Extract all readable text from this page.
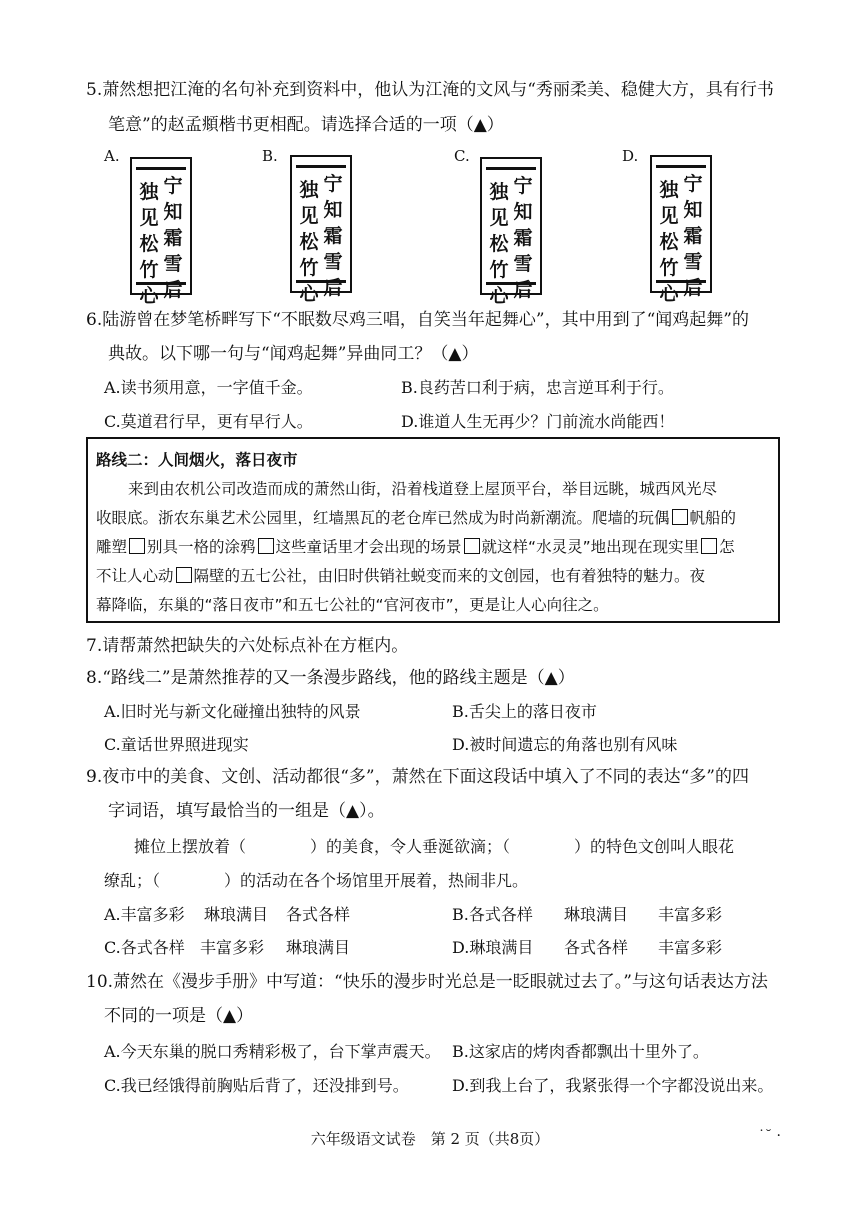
5.萧然想把江淹的名句补充到资料中，他认为江淹的文风与“秀丽柔美、稳健大方，具有行书
笔意”的赵孟頫楷书更相配。请选择合适的一项（▲）
A.
宁知霜雪后
独见松竹心
B.
宁知霜雪后
独见松竹心
C.
宁知霜雪后
独见松竹心
D.
宁知霜雪后
独见松竹心
6.陆游曾在梦笔桥畔写下“不眠数尽鸡三唱，自笑当年起舞心”，其中用到了“闻鸡起舞”的
典故。以下哪一句与“闻鸡起舞”异曲同工？（▲）
A.读书须用意，一字值千金。	B.良药苦口利于病，忠言逆耳利于行。
C.莫道君行早，更有早行人。	D.谁道人生无再少？门前流水尚能西！
路线二：人间烟火，落日夜市
来到由农机公司改造而成的萧然山街，沿着栈道登上屋顶平台，举目远眺，城西风光尽
收眼底。浙农东巢艺术公园里，红墙黑瓦的老仓库已然成为时尚新潮流。爬墙的玩偶 帆船的
雕塑 别具一格的涂鸦 这些童话里才会出现的场景 就这样“水灵灵”地出现在现实里 怎
不让人心动 隔壁的五七公社，由旧时供销社蜕变而来的文创园，也有着独特的魅力。夜
幕降临，东巢的“落日夜市”和五七公社的“官河夜市”，更是让人心向往之。
7.请帮萧然把缺失的六处标点补在方框内。
8.“路线二”是萧然推荐的又一条漫步路线，他的路线主题是（▲）
A.旧时光与新文化碰撞出独特的风景	B.舌尖上的落日夜市
C.童话世界照进现实	D.被时间遗忘的角落也别有风味
9.夜市中的美食、文创、活动都很“多”，萧然在下面这段话中填入了不同的表达“多”的四
字词语，填写最恰当的一组是（▲）。
摊位上摆放着（　　　　）的美食，令人垂涎欲滴；（　　　　）的特色文创叫人眼花
缭乱；（　　　　）的活动在各个场馆里开展着，热闹非凡。
A.丰富多彩 琳琅满目 各式各样	B.各式各样 琳琅满目 丰富多彩
C.各式各样 丰富多彩 琳琅满目	D.琳琅满目 各式各样 丰富多彩
10.萧然在《漫步手册》中写道：“快乐的漫步时光总是一眨眼就过去了。”与这句话表达方法
不同的一项是（▲）
A.今天东巢的脱口秀精彩极了，台下掌声震天。 B.这家店的烤肉香都飘出十里外了。
C.我已经饿得前胸贴后背了，还没排到号。	D.到我上台了，我紧张得一个字都没说出来。
六年级语文试卷　第 2 页（共8页）	˙˘ ·
